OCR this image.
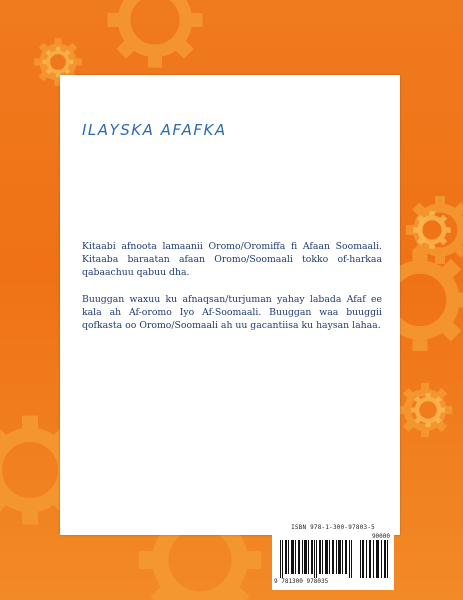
ILAYSKA AFAFKA

Kitaabi afnoota lamaanii Oromo/Oromiffa fi Afaan Soomaali. Kitaaba baraatan afaan Oromo/Soomaali tokko of-harkaa qabaachuu qabuu dha.

Buuggan waxuu ku afnaqsan/turjuman yahay labada Afaf ee kala ah Af-oromo Iyo Af-Soomaali. Buuggan waa buuggii qofkasta oo Oromo/Soomaali ah uu gacantiisa ku haysan lahaa.

ISBN 978-1-300-97803-5
90000
9 781300 978035
